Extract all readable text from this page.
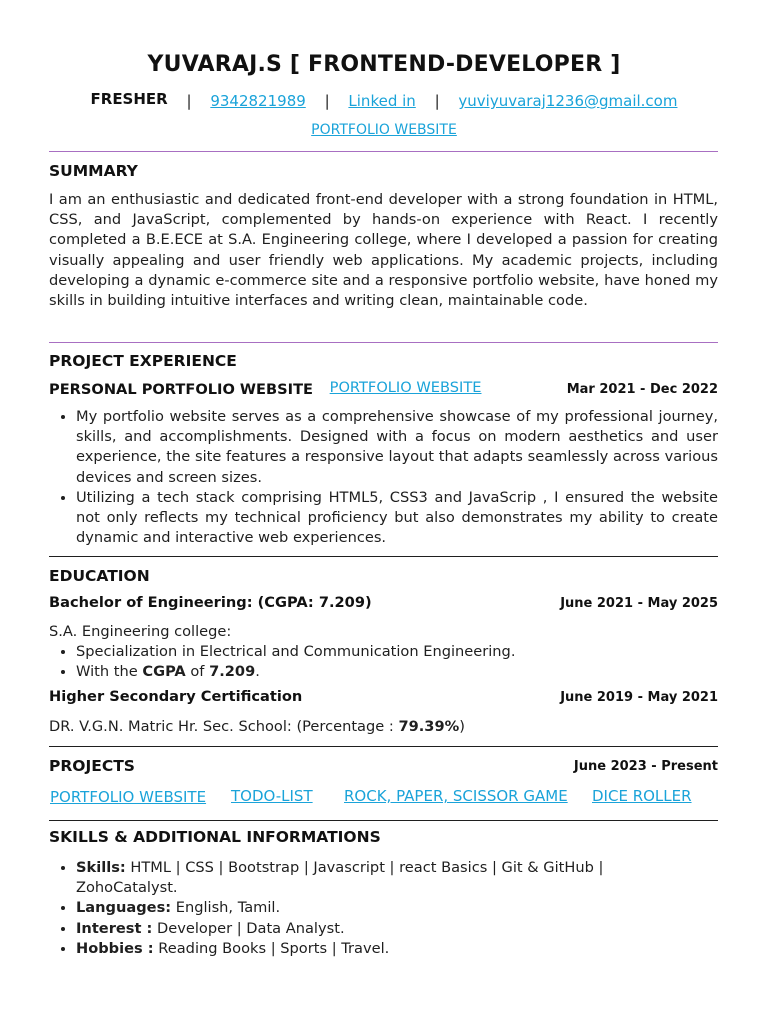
YUVARAJ.S [ FRONTEND-DEVELOPER ]
FRESHER | 9342821989 | Linked in | yuviyuvaraj1236@gmail.com
PORTFOLIO WEBSITE
SUMMARY

I am an enthusiastic and dedicated front-end developer with a strong foundation in HTML, CSS, and JavaScript, complemented by hands-on experience with React. I recently completed a B.E.ECE at S.A. Engineering college, where I developed a passion for creating visually appealing and user friendly web applications. My academic projects, including developing a dynamic e-commerce site and a responsive portfolio website, have honed my skills in building intuitive interfaces and writing clean, maintainable code.

PROJECT EXPERIENCE
PERSONAL PORTFOLIO WEBSITE PORTFOLIO WEBSITE	Mar 2021 - Dec 2022
• My portfolio website serves as a comprehensive showcase of my professional journey, skills, and accomplishments. Designed with a focus on modern aesthetics and user experience, the site features a responsive layout that adapts seamlessly across various devices and screen sizes.
• Utilizing a tech stack comprising HTML5, CSS3 and JavaScrip , I ensured the website not only reflects my technical proficiency but also demonstrates my ability to create dynamic and interactive web experiences.
EDUCATION
Bachelor of Engineering: (CGPA: 7.209)	June 2021 - May 2025
S.A. Engineering college:
• Specialization in Electrical and Communication Engineering.
• With the CGPA of 7.209.
Higher Secondary Certification	June 2019 - May 2021
DR. V.G.N. Matric Hr. Sec. School: (Percentage : 79.39%)
PROJECTS	June 2023 - Present
PORTFOLIO WEBSITE TODO-LIST ROCK, PAPER, SCISSOR GAME DICE ROLLER
SKILLS & ADDITIONAL INFORMATIONS
• Skills: HTML | CSS | Bootstrap | Javascript | react Basics | Git & GitHub | ZohoCatalyst.
• Languages: English, Tamil.
• Interest : Developer | Data Analyst.
• Hobbies : Reading Books | Sports | Travel.
